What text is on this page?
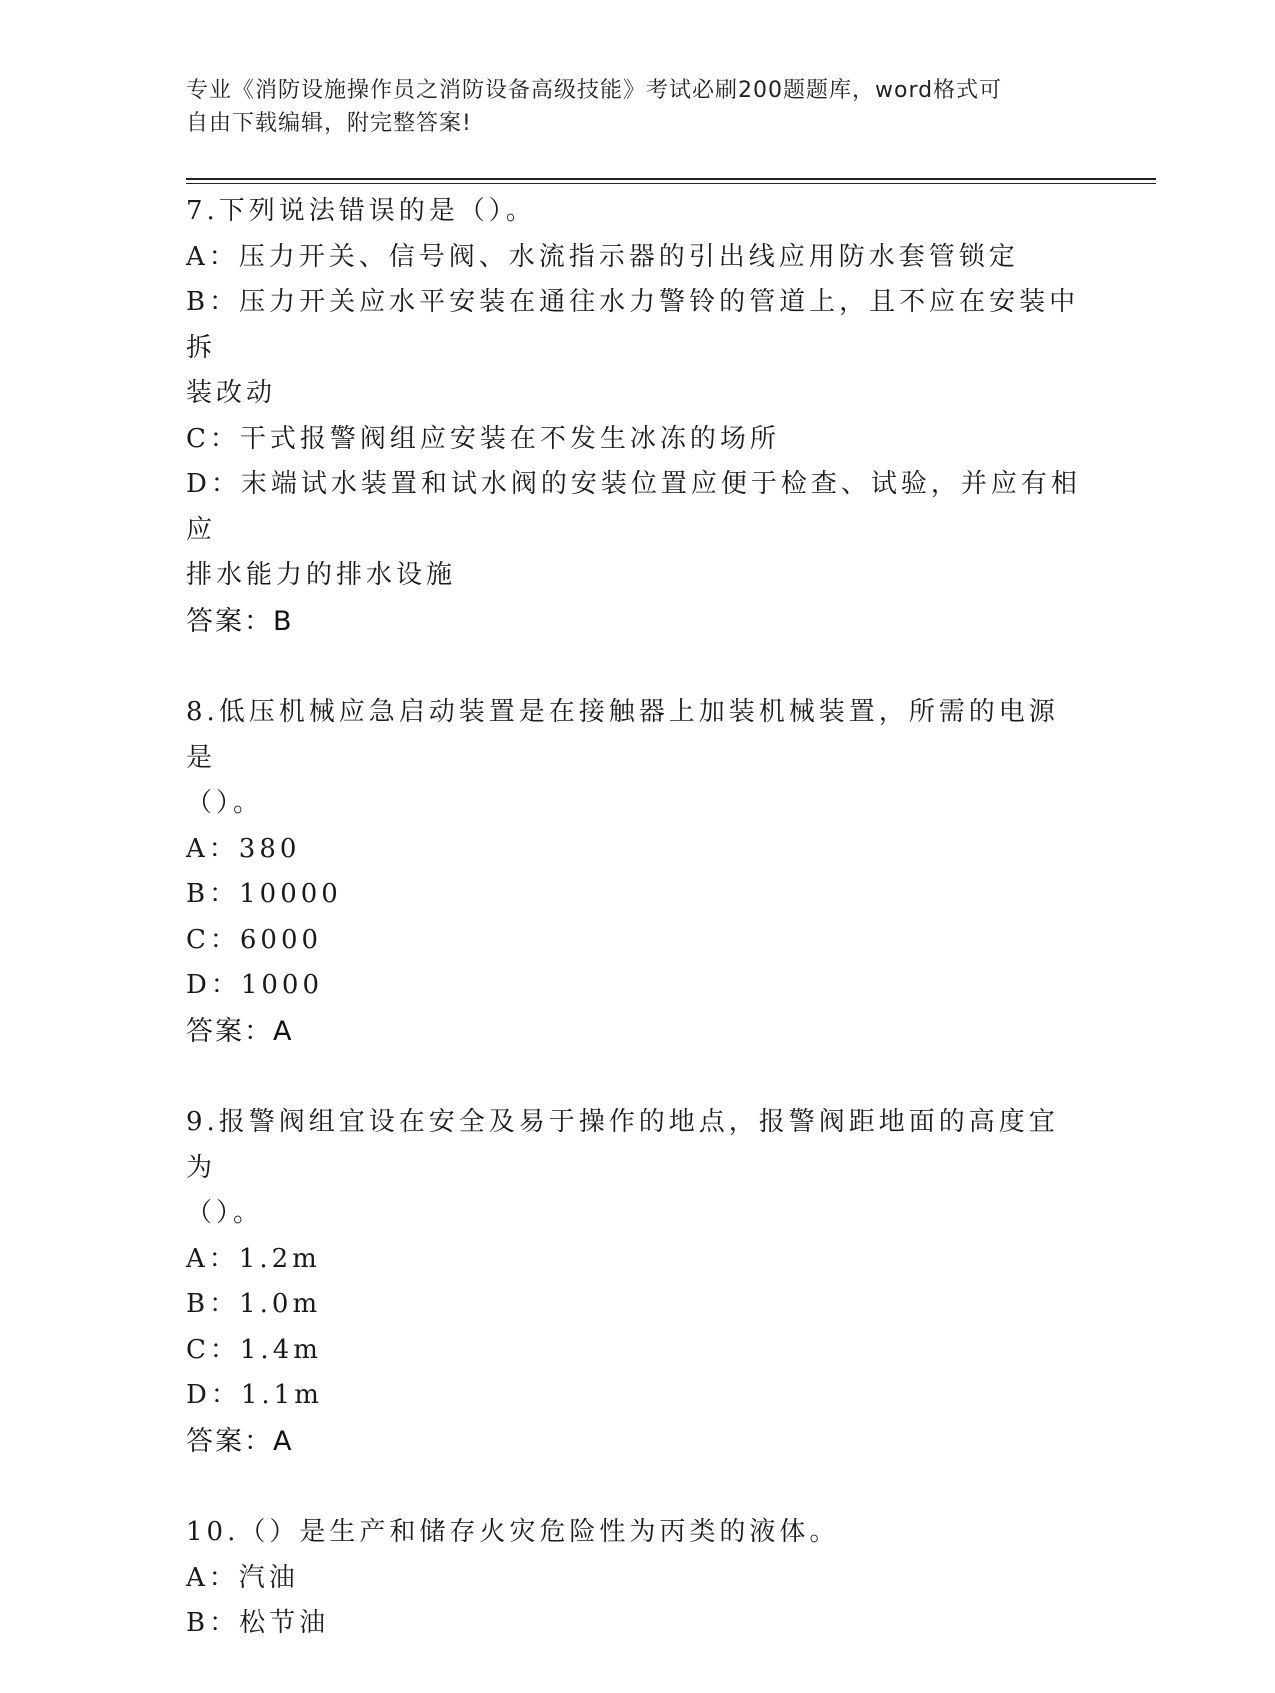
专业《消防设施操作员之消防设备高级技能》考试必刷200题题库，word格式可
自由下载编辑，附完整答案!
7.下列说法错误的是（）。
A：压力开关、信号阀、水流指示器的引出线应用防水套管锁定
B：压力开关应水平安装在通往水力警铃的管道上，且不应在安装中拆
装改动
C：干式报警阀组应安装在不发生冰冻的场所
D：末端试水装置和试水阀的安装位置应便于检查、试验，并应有相应
排水能力的排水设施
答案：B
8.低压机械应急启动装置是在接触器上加装机械装置，所需的电源是
（）。
A：380
B：10000
C：6000
D：1000
答案：A
9.报警阀组宜设在安全及易于操作的地点，报警阀距地面的高度宜为
（）。
A：1.2m
B：1.0m
C：1.4m
D：1.1m
答案：A
10.（）是生产和储存火灾危险性为丙类的液体。
A：汽油
B：松节油
